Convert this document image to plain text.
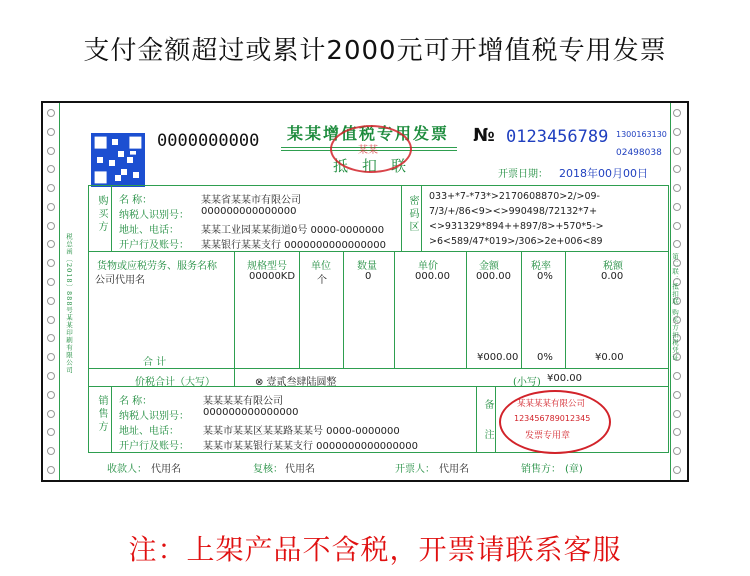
支付金额超过或累计2000元可开增值税专用发票
0000000000 某某增值税专用发票
抵扣联
某某
№ 0123456789 1300163130
02498038
开票日期： 2018年00月00日
购买方 名 称：	某某省某某市有限公司
纳税人识别号： 000000000000000
地址、电话： 某某工业园某某街道0号 0000-0000000
开户行及账号： 某某银行某某支行 0000000000000000
密码区 033+*7-*73*>2170608870>2/>09-
7/3/+/86<9><>990498/72132*7+
<>931329*894++897/8>+570*5->
>6<589/47*019>/306>2e+006<89
货物或应税劳务、服务名称	规格型号 单位	数量	单价	金额	税率	税额
公司代用名	00000KD 个	0	000.00	000.00	0%	0.00
合 计	¥000.00 0%	¥0.00
价税合计（大写）	⊗ 壹贰叁肆陆圆整	(小写) ¥00.00
销售方 名 称：	某某某某有限公司
纳税人识别号： 000000000000000
地址、电话： 某某市某某区某某路某某号 0000-0000000
开户行及账号： 某某市某某银行某某支行 0000000000000000	备注	某某某某有限公司
123456789012345
发票专用章
收款人： 代用名	复核： 代用名	开票人： 代用名	销售方： (章)
税总函〔2018〕888号某某印刷有限公司	第二联：抵扣联 购买方扣税凭证
注：上架产品不含税，开票请联系客服
